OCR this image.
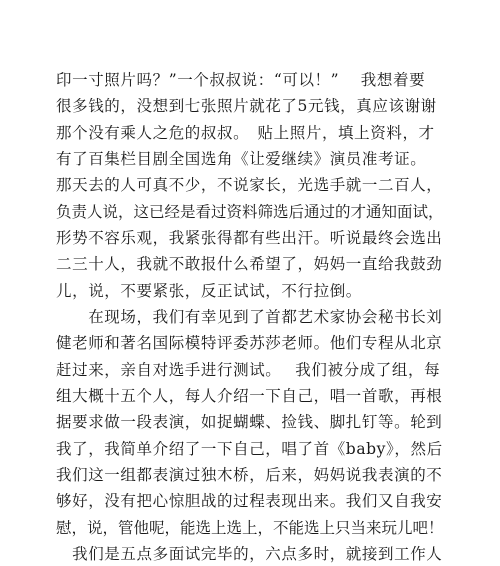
印一寸照片吗？”一个叔叔说：“可以！”　 我想着要
很多钱的，没想到七张照片就花了5元钱，真应该谢谢
那个没有乘人之危的叔叔。　贴上照片，填上资料，才
有了百集栏目剧全国选角《让爱继续》演员准考证。
那天去的人可真不少，不说家长，光选手就一二百人，
负责人说，这已经是看过资料筛选后通过的才通知面试，
形势不容乐观，我紧张得都有些出汗。听说最终会选出
二三十人，我就不敢报什么希望了，妈妈一直给我鼓劲
儿，说，不要紧张，反正试试，不行拉倒。
　　在现场，我们有幸见到了首都艺术家协会秘书长刘
健老师和著名国际模特评委苏莎老师。他们专程从北京
赶过来，亲自对选手进行测试。　 我们被分成了组，每
组大概十五个人，每人介绍一下自己，唱一首歌，再根
据要求做一段表演，如捉蝴蝶、捡钱、脚扎钉等。轮到
我了，我简单介绍了一下自己，唱了首《baby》，然后
我们这一组都表演过独木桥，后来，妈妈说我表演的不
够好，没有把心惊胆战的过程表现出来。我们又自我安
慰，说，管他呢，能选上选上，不能选上只当来玩儿吧！
　我们是五点多面试完毕的，六点多时，就接到工作人
